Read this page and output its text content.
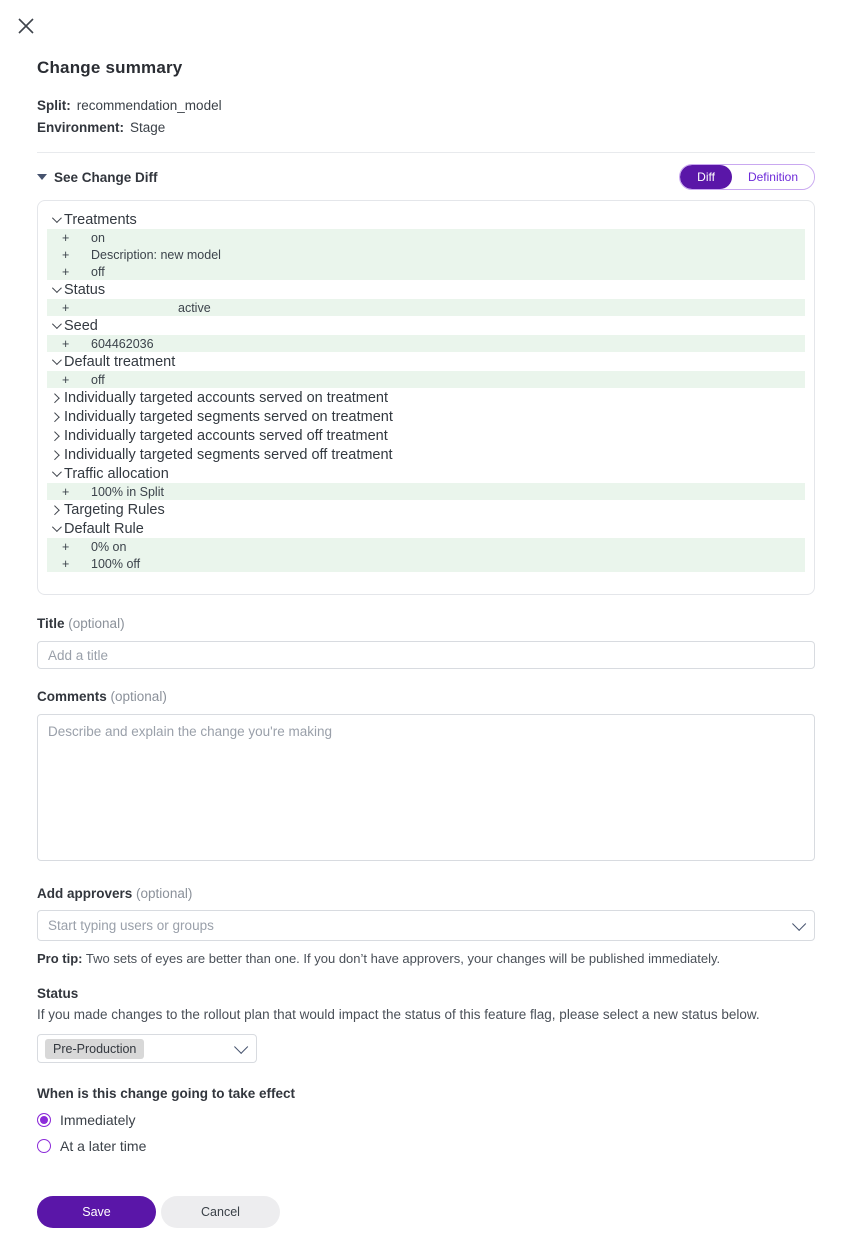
Change summary
Split: recommendation_model
Environment: Stage
See Change Diff	Diff	Definition
Treatments
+	on
+	Description: new model
+	off
Status
+	active
Seed
+	604462036
Default treatment
+	off
Individually targeted accounts served on treatment
Individually targeted segments served on treatment
Individually targeted accounts served off treatment
Individually targeted segments served off treatment
Traffic allocation
+	100% in Split
Targeting Rules
Default Rule
+	0% on
+	100% off
Title (optional)
Add a title
Comments (optional)
Describe and explain the change you're making
Add approvers (optional)
Start typing users or groups
Pro tip: Two sets of eyes are better than one. If you don’t have approvers, your changes will be published immediately.
Status
If you made changes to the rollout plan that would impact the status of this feature flag, please select a new status below.
Pre-Production
When is this change going to take effect
Immediately
At a later time
Save	Cancel
